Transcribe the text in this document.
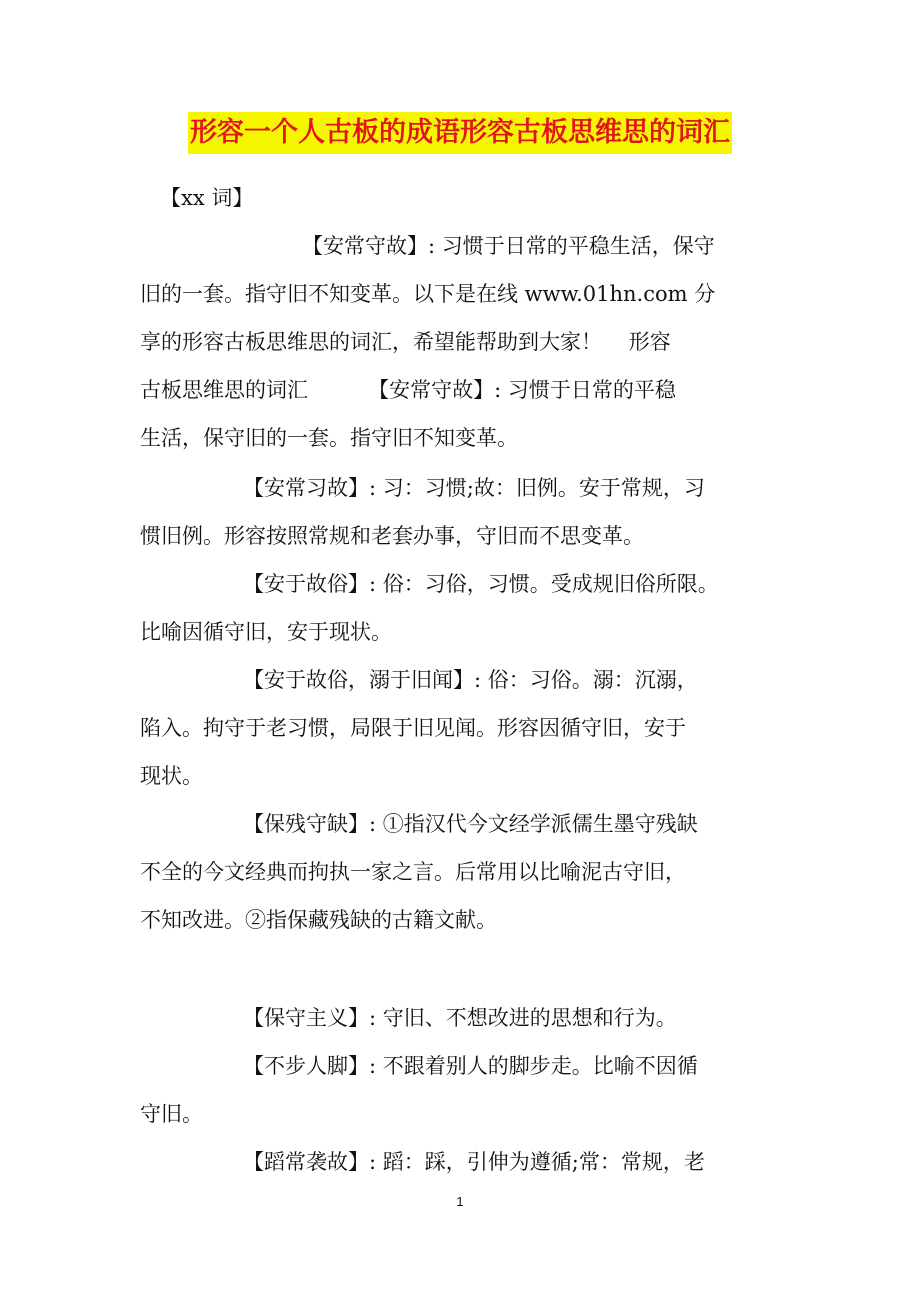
形容一个人古板的成语形容古板思维思的词汇
【xx 词】
【安常守故】: 习惯于日常的平稳生活，保守
旧的一套。指守旧不知变革。以下是在线 www.01hn.com 分
享的形容古板思维思的词汇，希望能帮助到大家！    形容
古板思维思的词汇         【安常守故】: 习惯于日常的平稳
生活，保守旧的一套。指守旧不知变革。
【安常习故】: 习：习惯;故：旧例。安于常规，习
惯旧例。形容按照常规和老套办事，守旧而不思变革。
【安于故俗】: 俗：习俗，习惯。受成规旧俗所限。
比喻因循守旧，安于现状。
【安于故俗，溺于旧闻】: 俗：习俗。溺：沉溺，
陷入。拘守于老习惯，局限于旧见闻。形容因循守旧，安于
现状。
【保残守缺】: ①指汉代今文经学派儒生墨守残缺
不全的今文经典而拘执一家之言。后常用以比喻泥古守旧，
不知改进。②指保藏残缺的古籍文献。
【保守主义】: 守旧、不想改进的思想和行为。
【不步人脚】: 不跟着别人的脚步走。比喻不因循
守旧。
【蹈常袭故】: 蹈：踩，引伸为遵循;常：常规，老
1
